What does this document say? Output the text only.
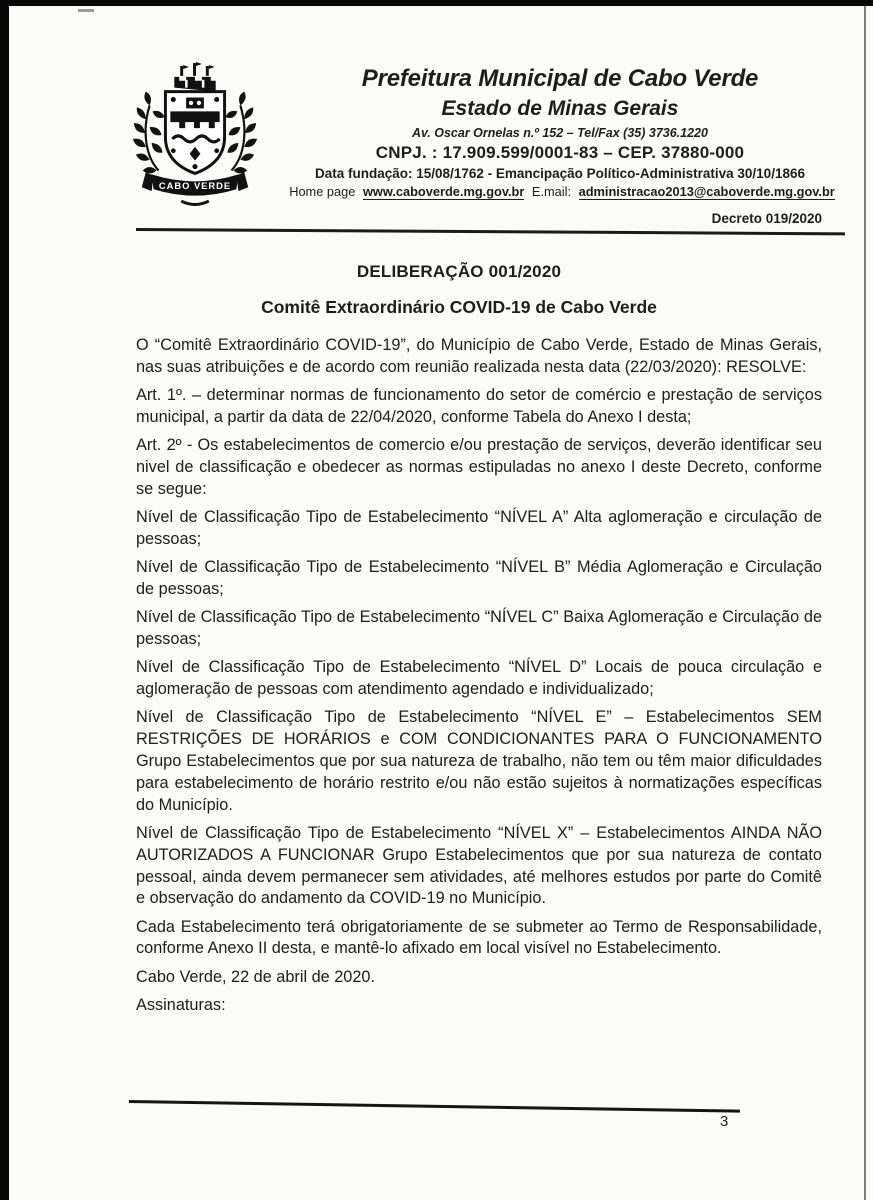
CABO VERDE
Prefeitura Municipal de Cabo Verde
Estado de Minas Gerais
Av. Oscar Ornelas n.º 152 – Tel/Fax (35) 3736.1220
CNPJ. : 17.909.599/0001-83 – CEP. 37880-000
Data fundação: 15/08/1762 - Emancipação Político-Administrativa 30/10/1866
Home page www.caboverde.mg.gov.br E.mail: administracao2013@caboverde.mg.gov.br
Decreto 019/2020
DELIBERAÇÃO 001/2020
Comitê Extraordinário COVID-19 de Cabo Verde

O “Comitê Extraordinário COVID-19”, do Município de Cabo Verde, Estado de Minas Gerais, nas suas atribuições e de acordo com reunião realizada nesta data (22/03/2020): RESOLVE:

Art. 1º. – determinar normas de funcionamento do setor de comércio e prestação de serviços municipal, a partir da data de 22/04/2020, conforme Tabela do Anexo I desta;

Art. 2º - Os estabelecimentos de comercio e/ou prestação de serviços, deverão identificar seu nivel de classificação e obedecer as normas estipuladas no anexo I deste Decreto, conforme se segue:

Nível de Classificação Tipo de Estabelecimento “NÍVEL A” Alta aglomeração e circulação de pessoas;

Nível de Classificação Tipo de Estabelecimento “NÍVEL B” Média Aglomeração e Circulação de pessoas;

Nível de Classificação Tipo de Estabelecimento “NÍVEL C” Baixa Aglomeração e Circulação de pessoas;

Nível de Classificação Tipo de Estabelecimento “NÍVEL D” Locais de pouca circulação e aglomeração de pessoas com atendimento agendado e individualizado;

Nível de Classificação Tipo de Estabelecimento “NÍVEL E” – Estabelecimentos SEM RESTRIÇÕES DE HORÁRIOS e COM CONDICIONANTES PARA O FUNCIONAMENTO Grupo Estabelecimentos que por sua natureza de trabalho, não tem ou têm maior dificuldades para estabelecimento de horário restrito e/ou não estão sujeitos à normatizações específicas do Município.

Nível de Classificação Tipo de Estabelecimento “NÍVEL X” – Estabelecimentos AINDA NÃO AUTORIZADOS A FUNCIONAR Grupo Estabelecimentos que por sua natureza de contato pessoal, ainda devem permanecer sem atividades, até melhores estudos por parte do Comitê e observação do andamento da COVID-19 no Município.

Cada Estabelecimento terá obrigatoriamente de se submeter ao Termo de Responsabilidade, conforme Anexo II desta, e mantê-lo afixado em local visível no Estabelecimento.

Cabo Verde, 22 de abril de 2020.

Assinaturas:

3
